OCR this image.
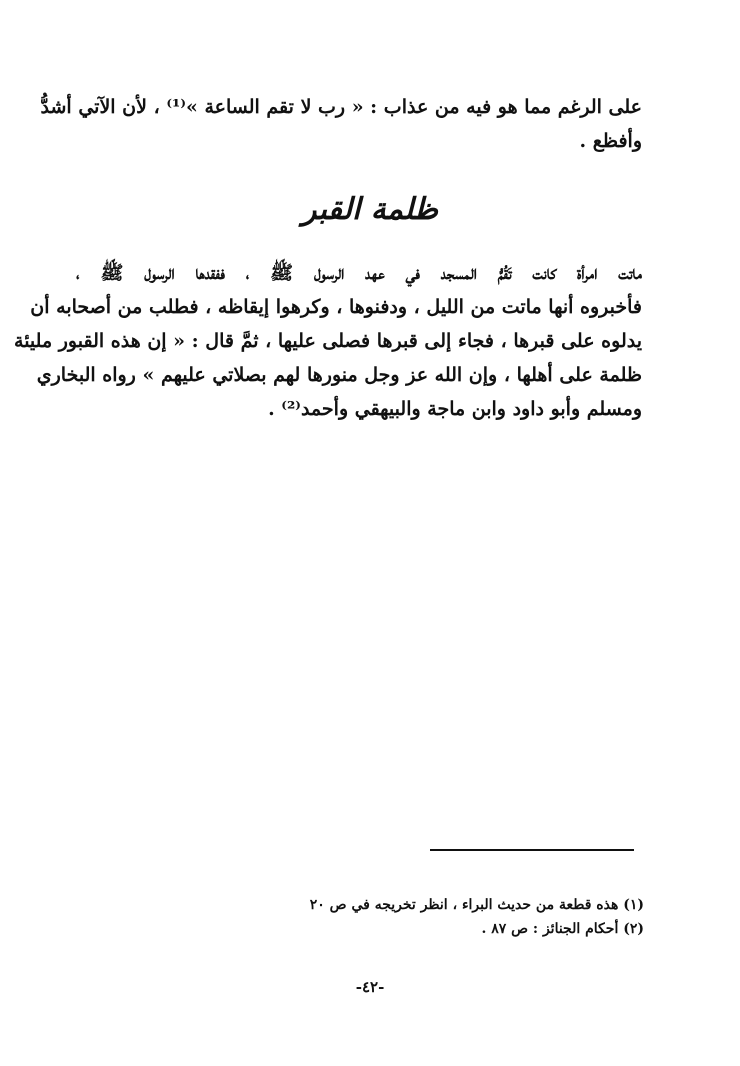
على الرغم مما هو فيه من عذاب : « رب لا تقم الساعة »⁽¹⁾ ، لأن الآتي أشدُّ
وأفظع .
ظلمة القبر
ماتت امرأة كانت تَقُمُّ المسجد في عهد الرسول ﷺ ، ففقدها الرسول ﷺ ،
فأخبروه أنها ماتت من الليل ، ودفنوها ، وكرهوا إيقاظه ، فطلب من أصحابه أن
يدلوه على قبرها ، فجاء إلى قبرها فصلى عليها ، ثمَّ قال : « إن هذه القبور مليئة
ظلمة على أهلها ، وإن الله عز وجل منورها لهم بصلاتي عليهم » رواه البخاري
ومسلم وأبو داود وابن ماجة والبيهقي وأحمد⁽²⁾ .
(١) هذه قطعة من حديث البراء ، انظر تخريجه في ص ٢٠
(٢) أحكام الجنائز : ص ٨٧ .
-٤٢-
